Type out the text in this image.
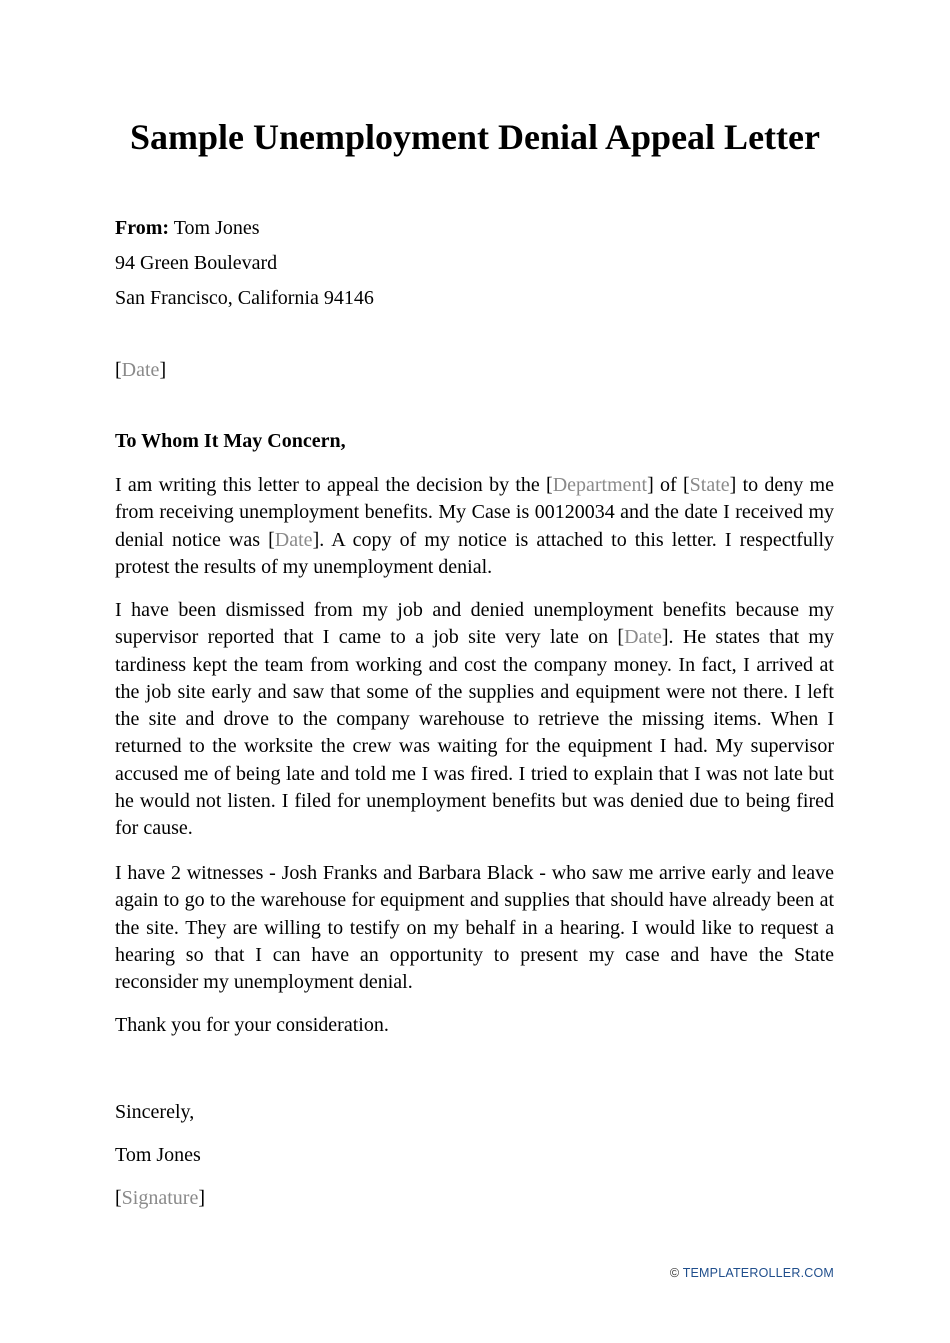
Sample Unemployment Denial Appeal Letter

From: Tom Jones

94 Green Boulevard

San Francisco, California 94146

[Date]

To Whom It May Concern,

I am writing this letter to appeal the decision by the [Department] of [State] to deny me from receiving unemployment benefits. My Case is 00120034 and the date I received my denial notice was [Date]. A copy of my notice is attached to this letter. I respectfully protest the results of my unemployment denial.

I have been dismissed from my job and denied unemployment benefits because my supervisor reported that I came to a job site very late on [Date]. He states that my tardiness kept the team from working and cost the company money. In fact, I arrived at the job site early and saw that some of the supplies and equipment were not there. I left the site and drove to the company warehouse to retrieve the missing items. When I returned to the worksite the crew was waiting for the equipment I had. My supervisor accused me of being late and told me I was fired. I tried to explain that I was not late but he would not listen. I filed for unemployment benefits but was denied due to being fired for cause.

I have 2 witnesses - Josh Franks and Barbara Black - who saw me arrive early and leave again to go to the warehouse for equipment and supplies that should have already been at the site. They are willing to testify on my behalf in a hearing. I would like to request a hearing so that I can have an opportunity to present my case and have the State reconsider my unemployment denial.

Thank you for your consideration.

Sincerely,

Tom Jones

[Signature]

© TEMPLATEROLLER.COM
